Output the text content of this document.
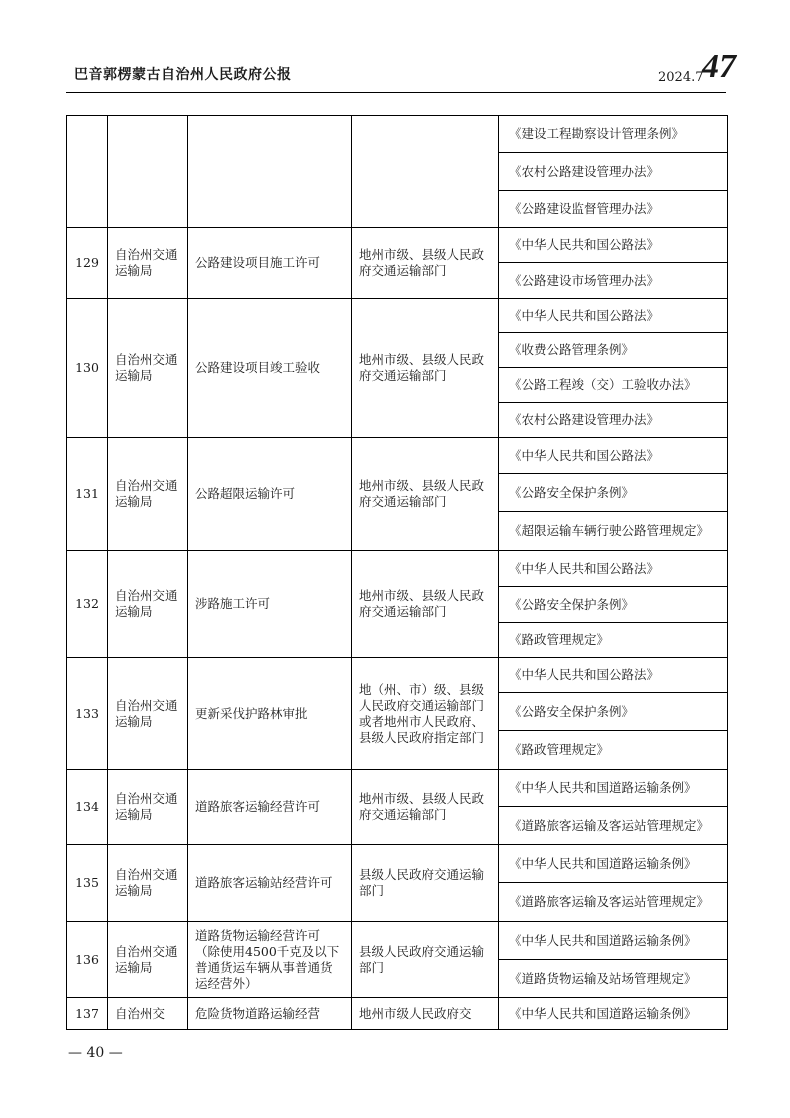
巴音郭楞蒙古自治州人民政府公报	2024.7
47
				《建设工程勘察设计管理条例》
				《农村公路建设管理办法》
				《公路建设监督管理办法》
129	自治州交通运输局	公路建设项目施工许可	地州市级、县级人民政府交通运输部门	《中华人民共和国公路法》
				《公路建设市场管理办法》
130	自治州交通运输局	公路建设项目竣工验收	地州市级、县级人民政府交通运输部门	《中华人民共和国公路法》
				《收费公路管理条例》
				《公路工程竣（交）工验收办法》
				《农村公路建设管理办法》
131	自治州交通运输局	公路超限运输许可	地州市级、县级人民政府交通运输部门	《中华人民共和国公路法》
				《公路安全保护条例》
				《超限运输车辆行驶公路管理规定》
132	自治州交通运输局	涉路施工许可	地州市级、县级人民政府交通运输部门	《中华人民共和国公路法》
				《公路安全保护条例》
				《路政管理规定》
133	自治州交通运输局	更新采伐护路林审批	地（州、市）级、县级人民政府交通运输部门或者地州市人民政府、县级人民政府指定部门	《中华人民共和国公路法》
				《公路安全保护条例》
				《路政管理规定》
134	自治州交通运输局	道路旅客运输经营许可	地州市级、县级人民政府交通运输部门	《中华人民共和国道路运输条例》
				《道路旅客运输及客运站管理规定》
135	自治州交通运输局	道路旅客运输站经营许可	县级人民政府交通运输部门	《中华人民共和国道路运输条例》
				《道路旅客运输及客运站管理规定》
136	自治州交通运输局	道路货物运输经营许可（除使用4500千克及以下普通货运车辆从事普通货运经营外）	县级人民政府交通运输部门	《中华人民共和国道路运输条例》
				《道路货物运输及站场管理规定》
137	自治州交	危险货物道路运输经营	地州市级人民政府交	《中华人民共和国道路运输条例》
— 40 —
